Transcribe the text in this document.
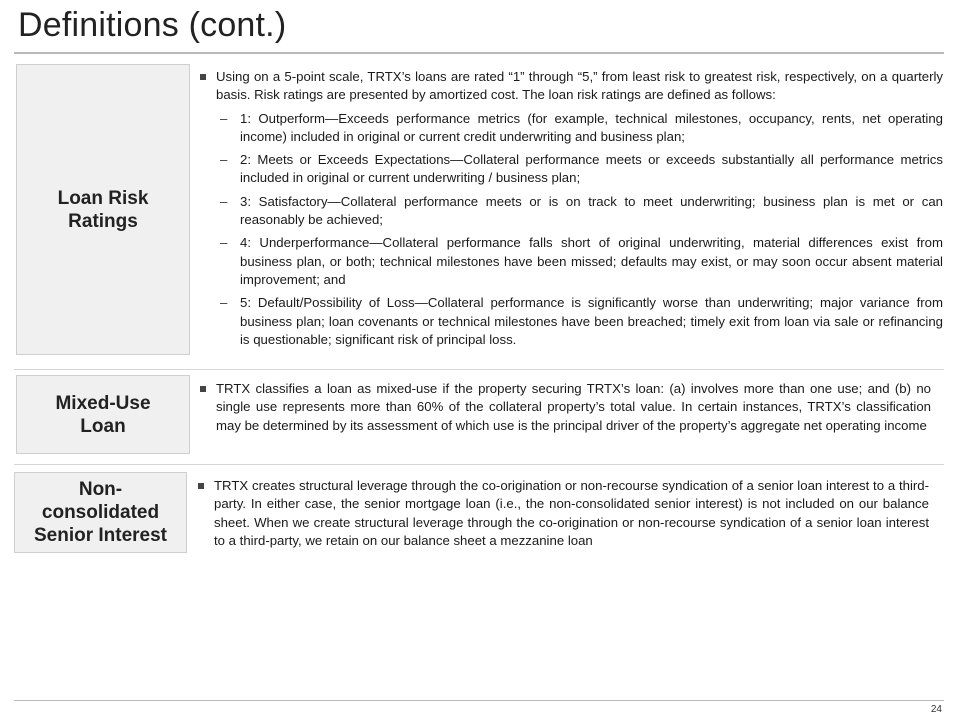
Definitions (cont.)
Loan Risk Ratings
Using on a 5-point scale, TRTX’s loans are rated “1” through “5,” from least risk to greatest risk, respectively, on a quarterly basis. Risk ratings are presented by amortized cost. The loan risk ratings are defined as follows:
– 1: Outperform—Exceeds performance metrics (for example, technical milestones, occupancy, rents, net operating income) included in original or current credit underwriting and business plan;
– 2: Meets or Exceeds Expectations—Collateral performance meets or exceeds substantially all performance metrics included in original or current underwriting / business plan;
– 3: Satisfactory—Collateral performance meets or is on track to meet underwriting; business plan is met or can reasonably be achieved;
– 4: Underperformance—Collateral performance falls short of original underwriting, material differences exist from business plan, or both; technical milestones have been missed; defaults may exist, or may soon occur absent material improvement; and
– 5: Default/Possibility of Loss—Collateral performance is significantly worse than underwriting; major variance from business plan; loan covenants or technical milestones have been breached; timely exit from loan via sale or refinancing is questionable; significant risk of principal loss.
Mixed-Use
Loan
TRTX classifies a loan as mixed-use if the property securing TRTX’s loan: (a) involves more than one use; and (b) no single use represents more than 60% of the collateral property’s total value. In certain instances, TRTX’s classification may be determined by its assessment of which use is the principal driver of the property’s aggregate net operating income
Non-consolidated
Senior Interest
TRTX creates structural leverage through the co-origination or non-recourse syndication of a senior loan interest to a third-party. In either case, the senior mortgage loan (i.e., the non-consolidated senior interest) is not included on our balance sheet. When we create structural leverage through the co-origination or non-recourse syndication of a senior loan interest to a third-party, we retain on our balance sheet a mezzanine loan
24
